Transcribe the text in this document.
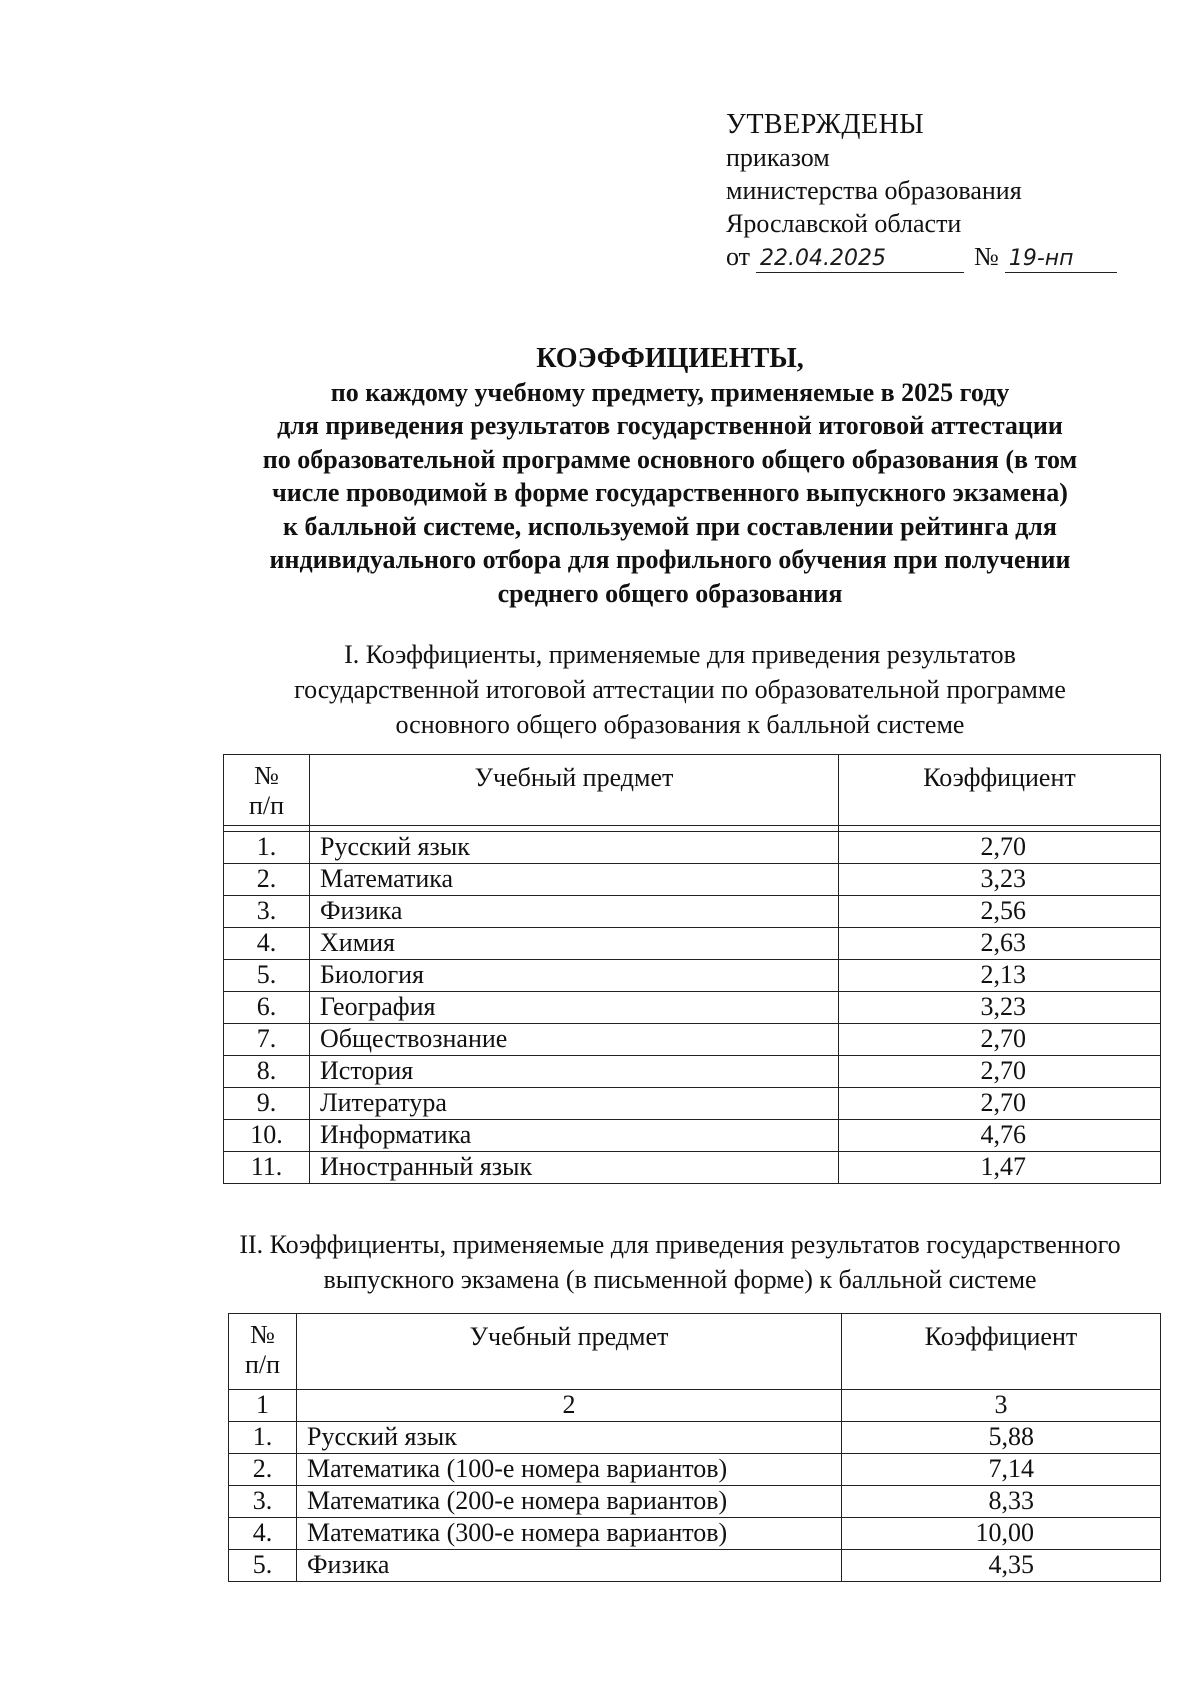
УТВЕРЖДЕНЫ
приказом
министерства образования
Ярославской области
от 22.04.2025	№ 19-нп
КОЭФФИЦИЕНТЫ,
по каждому учебному предмету, применяемые в 2025 году
для приведения результатов государственной итоговой аттестации
по образовательной программе основного общего образования (в том
числе проводимой в форме государственного выпускного экзамена)
к балльной системе, используемой при составлении рейтинга для
индивидуального отбора для профильного обучения при получении
среднего общего образования
I. Коэффициенты, применяемые для приведения результатов
государственной итоговой аттестации по образовательной программе
основного общего образования к балльной системе
№
п/п	Учебный предмет	Коэффициент

1.	Русский язык	2,70
2.	Математика	3,23
3.	Физика	2,56
4.	Химия	2,63
5.	Биология	2,13
6.	География	3,23
7.	Обществознание	2,70
8.	История	2,70
9.	Литература	2,70
10.	Информатика	4,76
11.	Иностранный язык	1,47
II. Коэффициенты, применяемые для приведения результатов государственного
выпускного экзамена (в письменной форме) к балльной системе
№
п/п	Учебный предмет	Коэффициент
1	2	3
1.	Русский язык	5,88
2.	Математика (100-е номера вариантов)	7,14
3.	Математика (200-е номера вариантов)	8,33
4.	Математика (300-е номера вариантов)	10,00
5.	Физика	4,35
